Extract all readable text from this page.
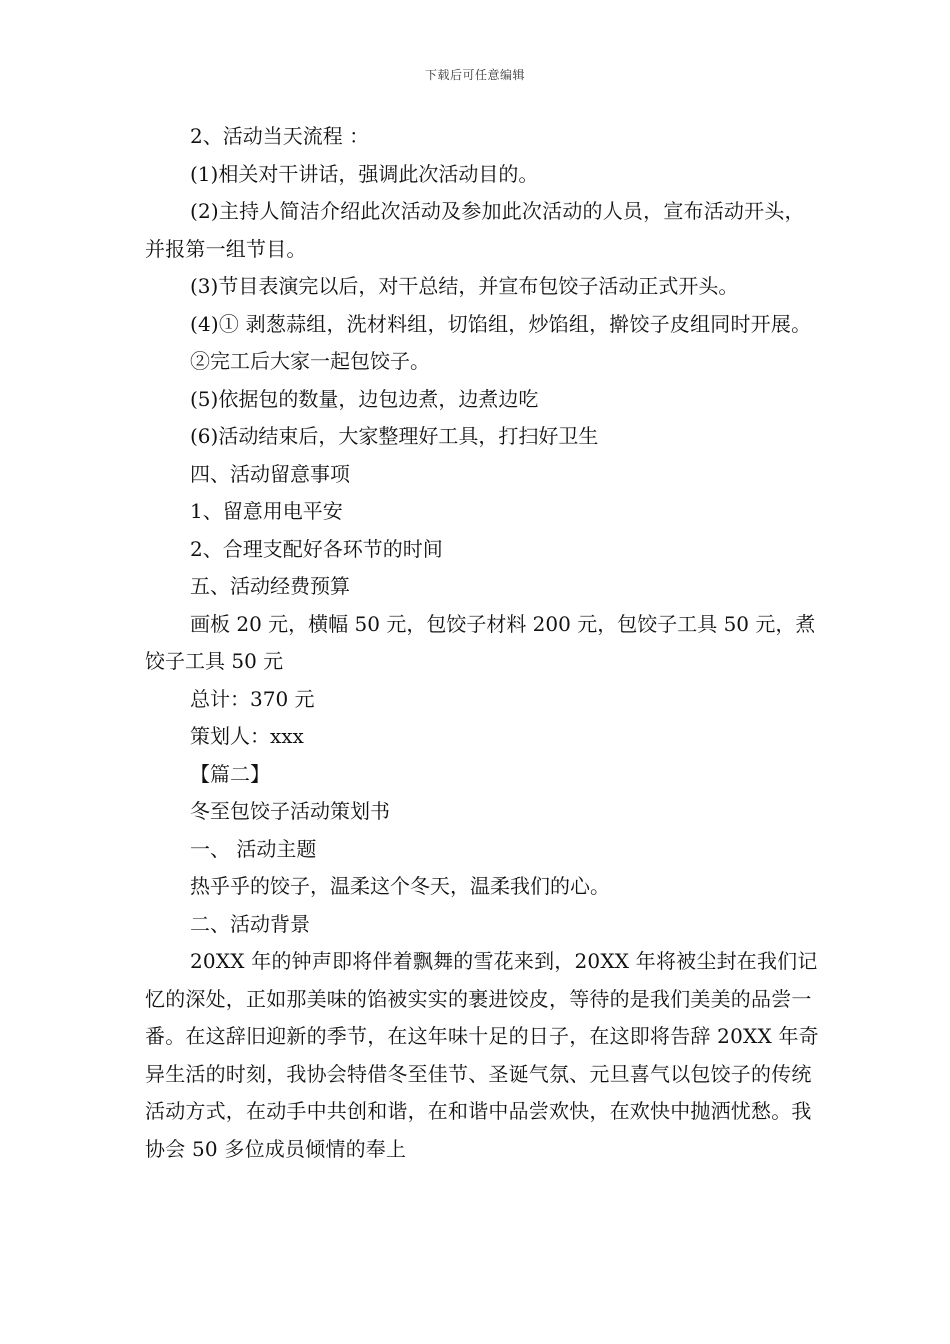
下载后可任意编辑

2、活动当天流程 ：

(1)相关对干讲话，强调此次活动目的。

(2)主持人简洁介绍此次活动及参加此次活动的人员，宣布活动开头，并报第一组节目。

(3)节目表演完以后，对干总结，并宣布包饺子活动正式开头。

(4)① 剥葱蒜组，洗材料组，切馅组，炒馅组，擀饺子皮组同时开展。

②完工后大家一起包饺子。

(5)依据包的数量，边包边煮，边煮边吃

(6)活动结束后，大家整理好工具，打扫好卫生

四、活动留意事项

1、留意用电平安

2、合理支配好各环节的时间

五、活动经费预算

画板 20 元，横幅 50 元，包饺子材料 200 元，包饺子工具 50 元，煮饺子工具 50 元

总计：370 元

策划人：xxx

【篇二】

冬至包饺子活动策划书

一、 活动主题

热乎乎的饺子，温柔这个冬天，温柔我们的心。

二、活动背景

20XX 年的钟声即将伴着飘舞的雪花来到，20XX 年将被尘封在我们记忆的深处，正如那美味的馅被实实的裹进饺皮，等待的是我们美美的品尝一番。在这辞旧迎新的季节，在这年味十足的日子，在这即将告辞 20XX 年奇异生活的时刻，我协会特借冬至佳节、圣诞气氛、元旦喜气以包饺子的传统活动方式，在动手中共创和谐，在和谐中品尝欢快，在欢快中抛洒忧愁。我协会 50 多位成员倾情的奉上
